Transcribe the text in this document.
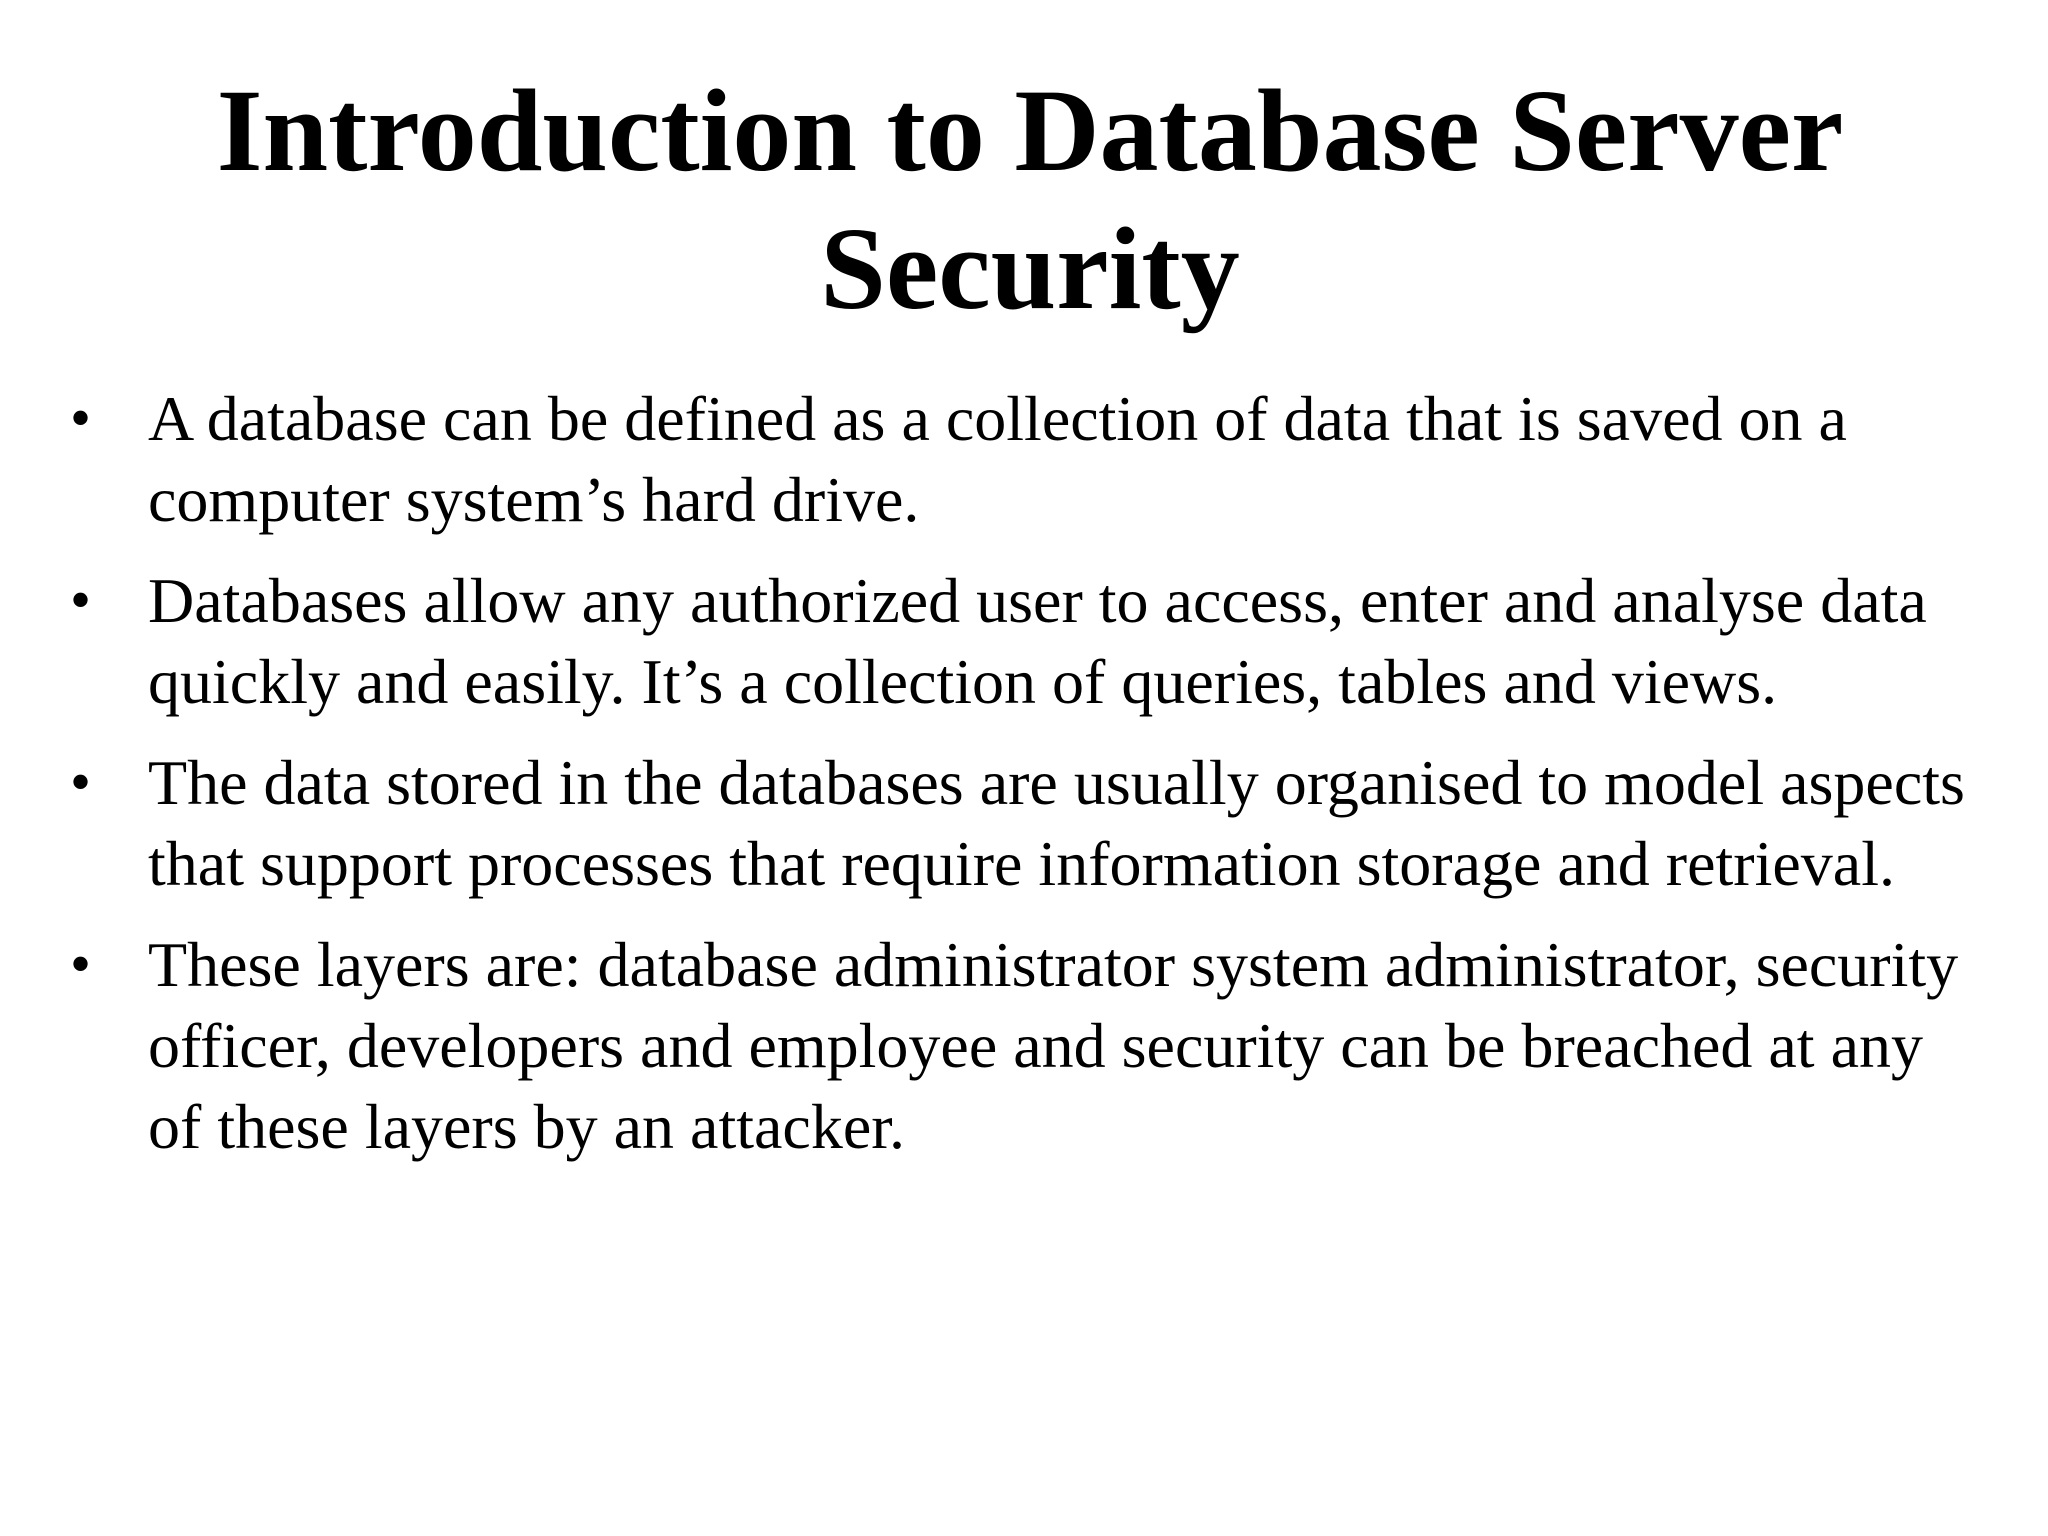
Introduction to Database Server Security
• A database can be defined as a collection of data that is saved on a computer system’s hard drive.
• Databases allow any authorized user to access, enter and analyse data quickly and easily. It’s a collection of queries, tables and views.
• The data stored in the databases are usually organised to model aspects that support processes that require information storage and retrieval.
• These layers are: database administrator system administrator, security officer, developers and employee and security can be breached at any of these layers by an attacker.
